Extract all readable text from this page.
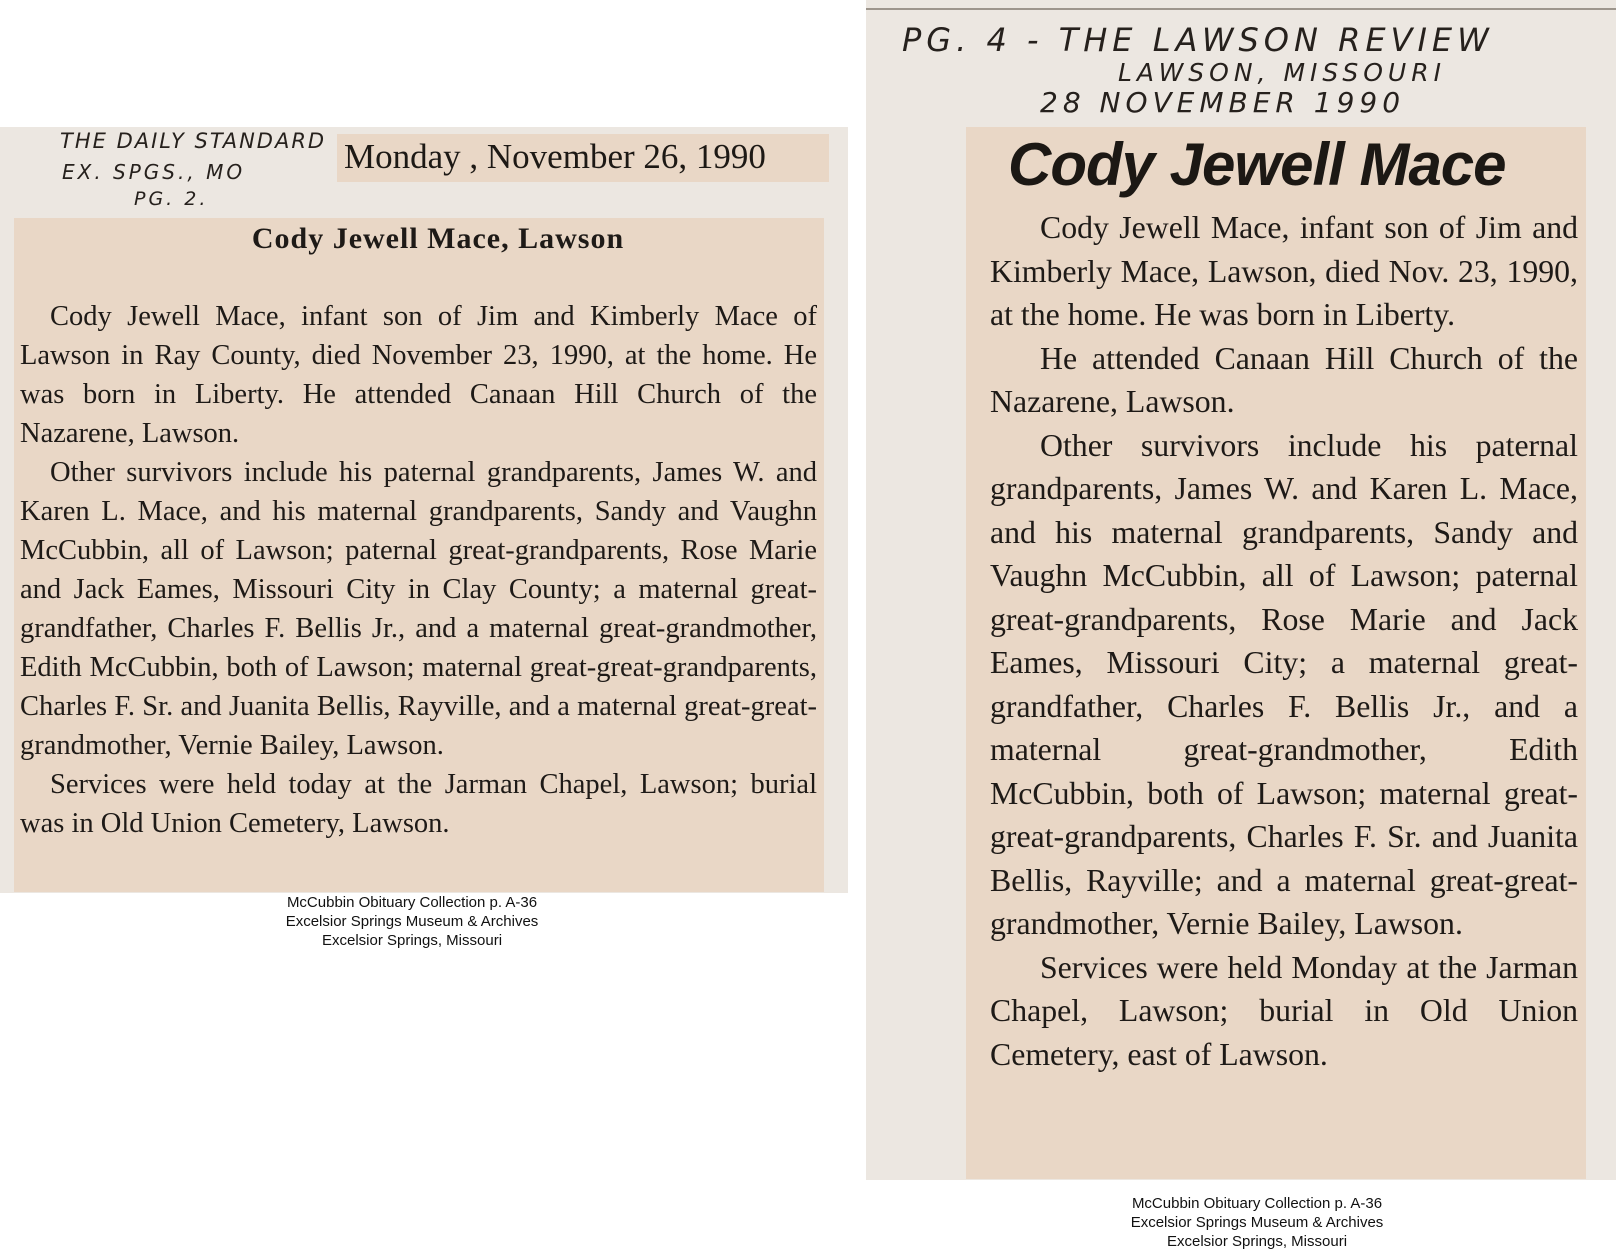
THE DAILY STANDARD
EX. SPGS., MO
PG. 2.
Monday , November 26, 1990
Cody Jewell Mace, Lawson

Cody Jewell Mace, infant son of Jim and Kimberly Mace of Lawson in Ray County, died November 23, 1990, at the home. He was born in Liberty. He attended Canaan Hill Church of the Nazarene, Lawson.

Other survivors include his paternal grandparents, James W. and Karen L. Mace, and his maternal grandparents, Sandy and Vaughn McCubbin, all of Lawson; paternal great-grandparents, Rose Marie and Jack Eames, Missouri City in Clay County; a maternal great-grandfather, Charles F. Bellis Jr., and a maternal great-grandmother, Edith McCubbin, both of Lawson; maternal great-great-grandparents, Charles F. Sr. and Juanita Bellis, Rayville, and a maternal great-great-grandmother, Vernie Bailey, Lawson.

Services were held today at the Jarman Chapel, Lawson; burial was in Old Union Cemetery, Lawson.

McCubbin Obituary Collection p. A-36
Excelsior Springs Museum & Archives
Excelsior Springs, Missouri
PG. 4 - THE LAWSON REVIEW
LAWSON, MISSOURI
28 NOVEMBER 1990
Cody Jewell Mace

Cody Jewell Mace, infant son of Jim and Kimberly Mace, Lawson, died Nov. 23, 1990, at the home. He was born in Liberty.

He attended Canaan Hill Church of the Nazarene, Lawson.

Other survivors include his paternal grandparents, James W. and Karen L. Mace, and his maternal grandparents, Sandy and Vaughn McCubbin, all of Lawson; paternal great-grandparents, Rose Marie and Jack Eames, Missouri City; a maternal great-grandfather, Charles F. Bellis Jr., and a maternal great-grandmother, Edith McCubbin, both of Lawson; maternal great-great-grandparents, Charles F. Sr. and Juanita Bellis, Rayville; and a maternal great-great-grandmother, Vernie Bailey, Lawson.

Services were held Monday at the Jarman Chapel, Lawson; burial in Old Union Cemetery, east of Lawson.

McCubbin Obituary Collection p. A-36
Excelsior Springs Museum & Archives
Excelsior Springs, Missouri
